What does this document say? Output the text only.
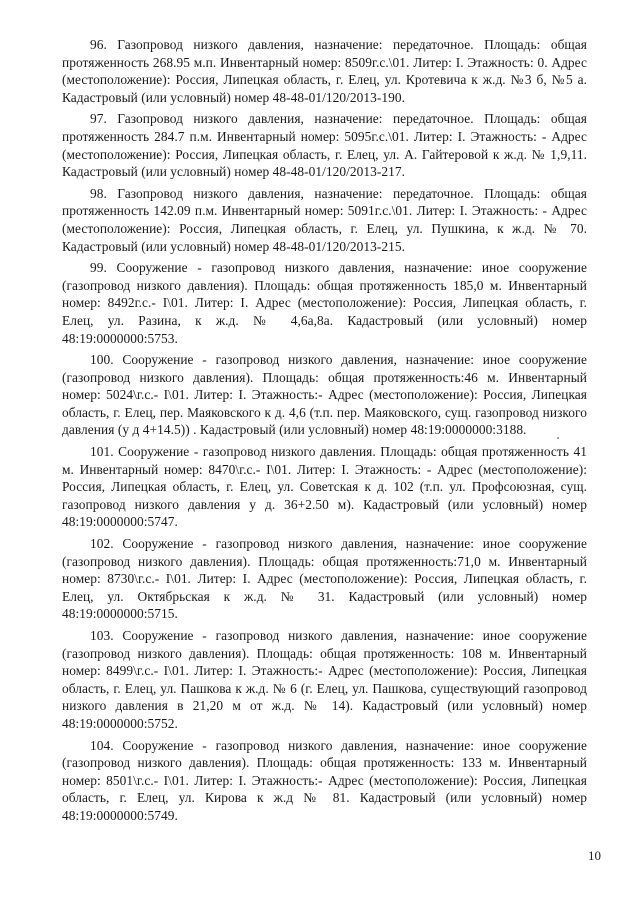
96. Газопровод низкого давления, назначение: передаточное. Площадь: общая протяженность 268.95 м.п. Инвентарный номер: 8509г.с.\01. Литер: I. Этажность: 0. Адрес (местоположение): Россия, Липецкая область, г. Елец, ул. Кротевича к ж.д. №3 б, №5 а. Кадастровый (или условный) номер 48-48-01/120/2013-190.

97. Газопровод низкого давления, назначение: передаточное. Площадь: общая протяженность 284.7 п.м. Инвентарный номер: 5095г.с.\01. Литер: I. Этажность: - Адрес (местоположение): Россия, Липецкая область, г. Елец, ул. А. Гайтеровой к ж.д. № 1,9,11. Кадастровый (или условный) номер 48-48-01/120/2013-217.

98. Газопровод низкого давления, назначение: передаточное. Площадь: общая протяженность 142.09 п.м. Инвентарный номер: 5091г.с.\01. Литер: I. Этажность: - Адрес (местоположение): Россия, Липецкая область, г. Елец, ул. Пушкина, к ж.д. № 70. Кадастровый (или условный) номер 48-48-01/120/2013-215.

99. Сооружение - газопровод низкого давления, назначение: иное сооружение (газопровод низкого давления). Площадь: общая протяженность 185,0 м. Инвентарный номер: 8492г.с.- I\01. Литер: I. Адрес (местоположение): Россия, Липецкая область, г. Елец, ул. Разина, к ж.д. № 4,6а,8а. Кадастровый (или условный) номер 48:19:0000000:5753.

100. Сооружение - газопровод низкого давления, назначение: иное сооружение (газопровод низкого давления). Площадь: общая протяженность:46 м. Инвентарный номер: 5024\г.с.- I\01. Литер: I. Этажность:- Адрес (местоположение): Россия, Липецкая область, г. Елец, пер. Маяковского к д. 4,6 (т.п. пер. Маяковского, сущ. газопровод низкого давления (у д 4+14.5)) . Кадастровый (или условный) номер 48:19:0000000:3188.

101. Сооружение - газопровод низкого давления. Площадь: общая протяженность 41 м. Инвентарный номер: 8470\г.с.- I\01. Литер: I. Этажность: - Адрес (местоположение): Россия, Липецкая область, г. Елец, ул. Советская к д. 102 (т.п. ул. Профсоюзная, сущ. газопровод низкого давления у д. 36+2.50 м). Кадастровый (или условный) номер 48:19:0000000:5747.

102. Сооружение - газопровод низкого давления, назначение: иное сооружение (газопровод низкого давления). Площадь: общая протяженность:71,0 м. Инвентарный номер: 8730\г.с.- I\01. Литер: I. Адрес (местоположение): Россия, Липецкая область, г. Елец, ул. Октябрьская к ж.д. № 31. Кадастровый (или условный) номер 48:19:0000000:5715.

103. Сооружение - газопровод низкого давления, назначение: иное сооружение (газопровод низкого давления). Площадь: общая протяженность: 108 м. Инвентарный номер: 8499\г.с.- I\01. Литер: I. Этажность:- Адрес (местоположение): Россия, Липецкая область, г. Елец, ул. Пашкова к ж.д. № 6 (г. Елец, ул. Пашкова, существующий газопровод низкого давления в 21,20 м от ж.д. № 14). Кадастровый (или условный) номер 48:19:0000000:5752.

104. Сооружение - газопровод низкого давления, назначение: иное сооружение (газопровод низкого давления). Площадь: общая протяженность: 133 м. Инвентарный номер: 8501\г.с.- I\01. Литер: I. Этажность:- Адрес (местоположение): Россия, Липецкая область, г. Елец, ул. Кирова к ж.д № 81. Кадастровый (или условный) номер 48:19:0000000:5749.

10
